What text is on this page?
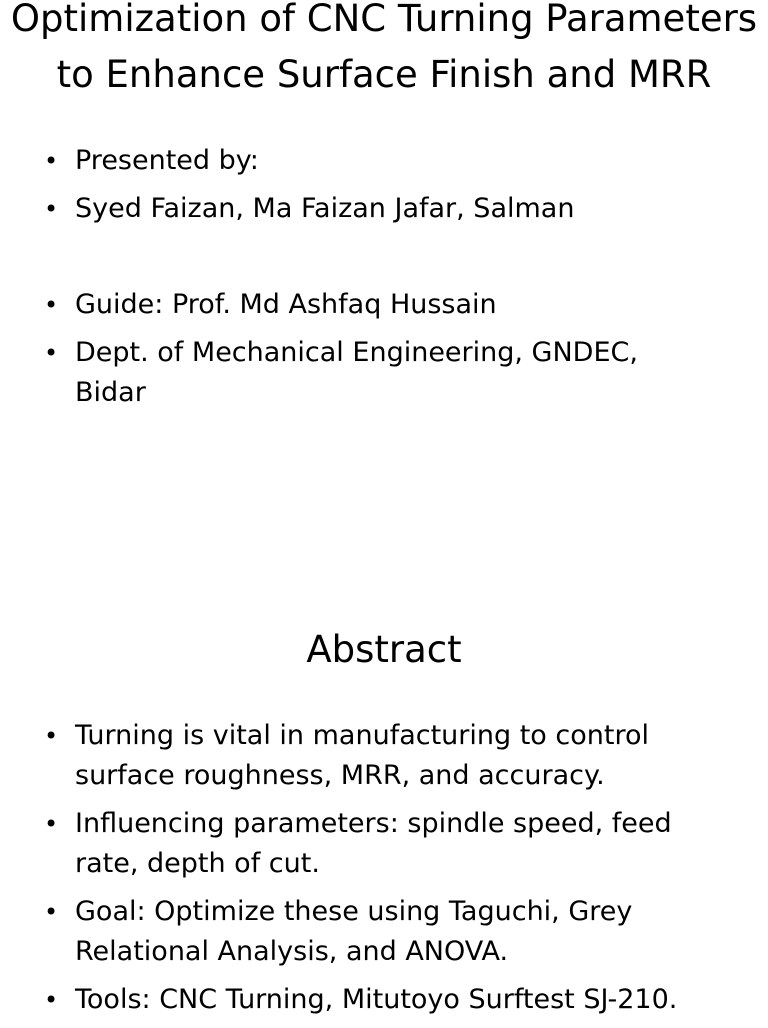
Optimization of CNC Turning Parameters to Enhance Surface Finish and MRR
• Presented by:
• Syed Faizan, Ma Faizan Jafar, Salman
• Guide: Prof. Md Ashfaq Hussain
• Dept. of Mechanical Engineering, GNDEC, Bidar
Abstract
• Turning is vital in manufacturing to control surface roughness, MRR, and accuracy.
• Influencing parameters: spindle speed, feed rate, depth of cut.
• Goal: Optimize these using Taguchi, Grey Relational Analysis, and ANOVA.
• Tools: CNC Turning, Mitutoyo Surftest SJ-210.
